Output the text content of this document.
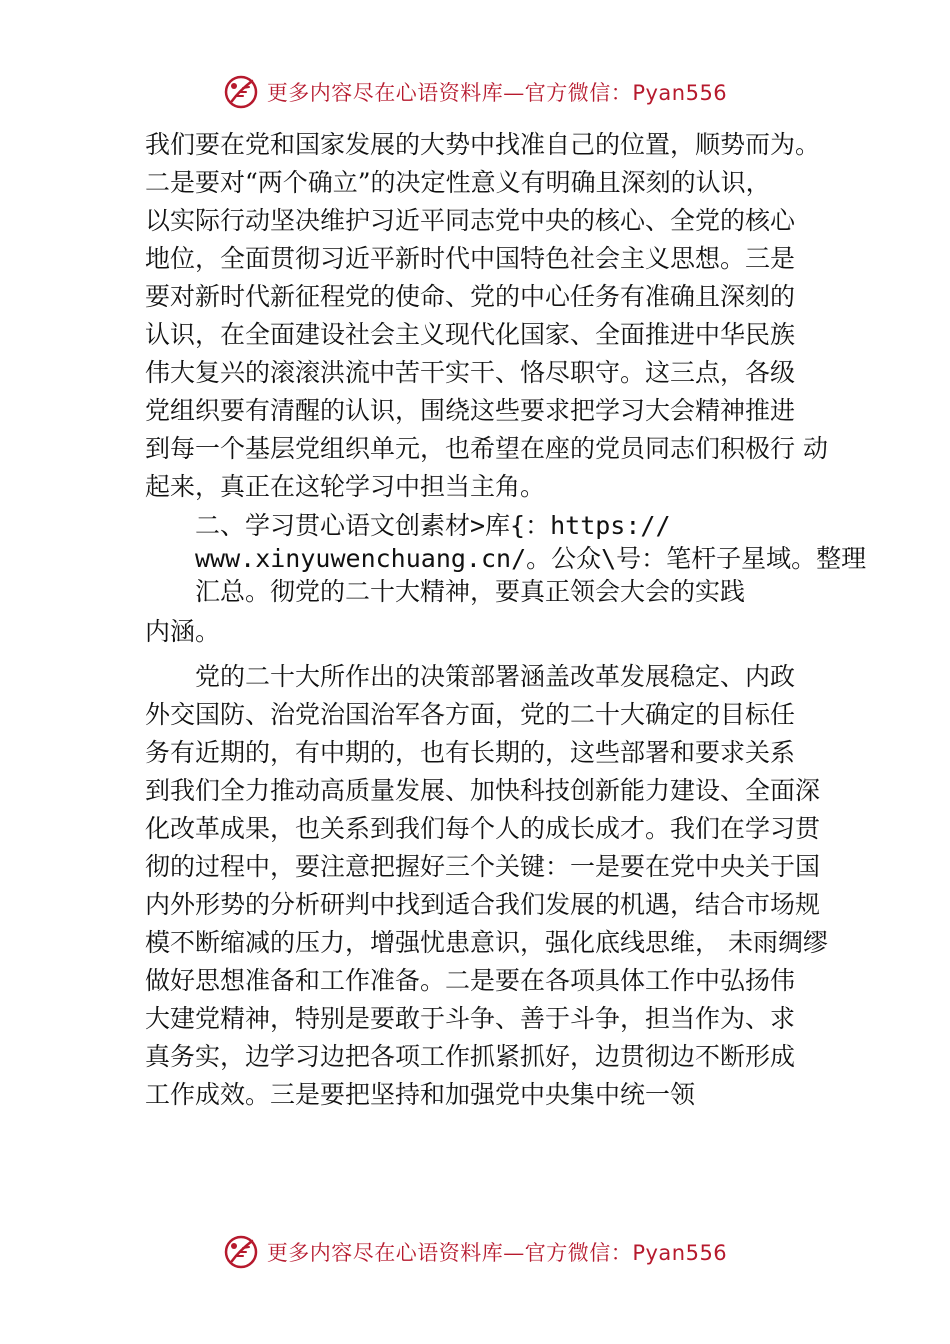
更多内容尽在心语资料库—官方微信：Pyan556
我们要在党和国家发展的大势中找准自己的位置，顺势而为。
二是要对“两个确立”的决定性意义有明确且深刻的认识，
以实际行动坚决维护习近平同志党中央的核心、全党的核心
地位，全面贯彻习近平新时代中国特色社会主义思想。三是
要对新时代新征程党的使命、党的中心任务有准确且深刻的
认识，在全面建设社会主义现代化国家、全面推进中华民族
伟大复兴的滚滚洪流中苦干实干、恪尽职守。这三点，各级
党组织要有清醒的认识，围绕这些要求把学习大会精神推进
到每一个基层党组织单元，也希望在座的党员同志们积极行 动
起来，真正在这轮学习中担当主角。
二、学习贯心语文创素材>库{：https://
www.xinyuwenchuang.cn/。公众\号：笔杆子星域。整理
汇总。彻党的二十大精神，要真正领会大会的实践
内涵。
党的二十大所作出的决策部署涵盖改革发展稳定、内政
外交国防、治党治国治军各方面，党的二十大确定的目标任
务有近期的，有中期的，也有长期的，这些部署和要求关系
到我们全力推动高质量发展、加快科技创新能力建设、全面深
化改革成果，也关系到我们每个人的成长成才。我们在学习贯
彻的过程中，要注意把握好三个关键：一是要在党中央关于国
内外形势的分析研判中找到适合我们发展的机遇，结合市场规
模不断缩减的压力，增强忧患意识，强化底线思维， 未雨绸缪
做好思想准备和工作准备。二是要在各项具体工作中弘扬伟
大建党精神，特别是要敢于斗争、善于斗争，担当作为、求
真务实，边学习边把各项工作抓紧抓好，边贯彻边不断形成
工作成效。三是要把坚持和加强党中央集中统一领
更多内容尽在心语资料库—官方微信：Pyan556
